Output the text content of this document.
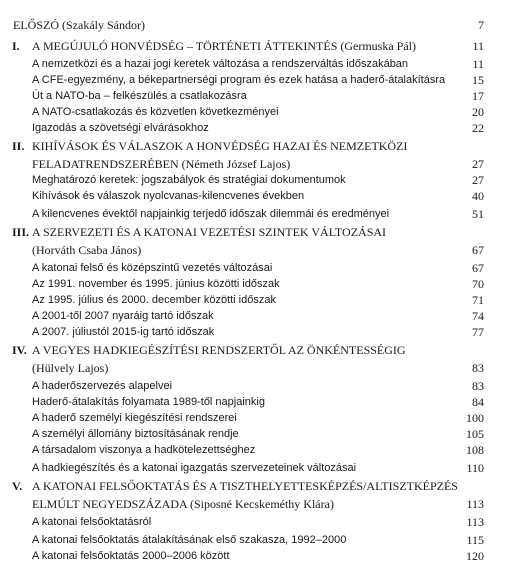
ELŐSZÓ (Szakály Sándor)	7
I. A MEGÚJULÓ HONVÉDSÉG – TÖRTÉNETI ÁTTEKINTÉS (Germuska Pál)	11
A nemzetközi és a hazai jogi keretek változása a rendszerváltás időszakában	11
A CFE-egyezmény, a békepartnerségi program és ezek hatása a haderő-átalakításra 15
Út a NATO-ba – felkészülés a csatlakozásra	17
A NATO-csatlakozás és közvetlen következményei	20
Igazodás a szövetségi elvárásokhoz	22
II. KIHÍVÁSOK ÉS VÁLASZOK A HONVÉDSÉG HAZAI ÉS NEMZETKÖZI
FELADATRENDSZERÉBEN (Németh József Lajos)	27
Meghatározó keretek: jogszabályok és stratégiai dokumentumok	27
Kihívások és válaszok nyolcvanas-kilencvenes években	40
A kilencvenes évektől napjainkig terjedő időszak dilemmái és eredményei	51
III. A SZERVEZETI ÉS A KATONAI VEZETÉSI SZINTEK VÁLTOZÁSAI
(Horváth Csaba János)	67
A katonai felső és középszintű vezetés változásai	67
Az 1991. november és 1995. június közötti időszak	70
Az 1995. július és 2000. december közötti időszak	71
A 2001-től 2007 nyaráig tartó időszak	74
A 2007. júliustól 2015-ig tartó időszak	77
IV. A VEGYES HADKIEGÉSZÍTÉSI RENDSZERTŐL AZ ÖNKÉNTESSÉGIG
(Hülvely Lajos)	83
A haderőszervezés alapelvei	83
Haderő-átalakítás folyamata 1989-től napjainkig	84
A haderő személyi kiegészítési rendszerei	100
A személyi állomány biztosításának rendje	105
A társadalom viszonya a hadkötelezettséghez	108
A hadkiegészítés és a katonai igazgatás szervezeteinek változásai	110
V. A KATONAI FELSŐOKTATÁS ÉS A TISZTHELYETTESKÉPZÉS/ALTISZTKÉPZÉS
ELMÚLT NEGYEDSZÁZADA (Siposné Kecskeméthy Klára)	113
A katonai felsőoktatásról	113
A katonai felsőoktatás átalakításának első szakasza, 1992–2000	115
A katonai felsőoktatás 2000–2006 között	120
